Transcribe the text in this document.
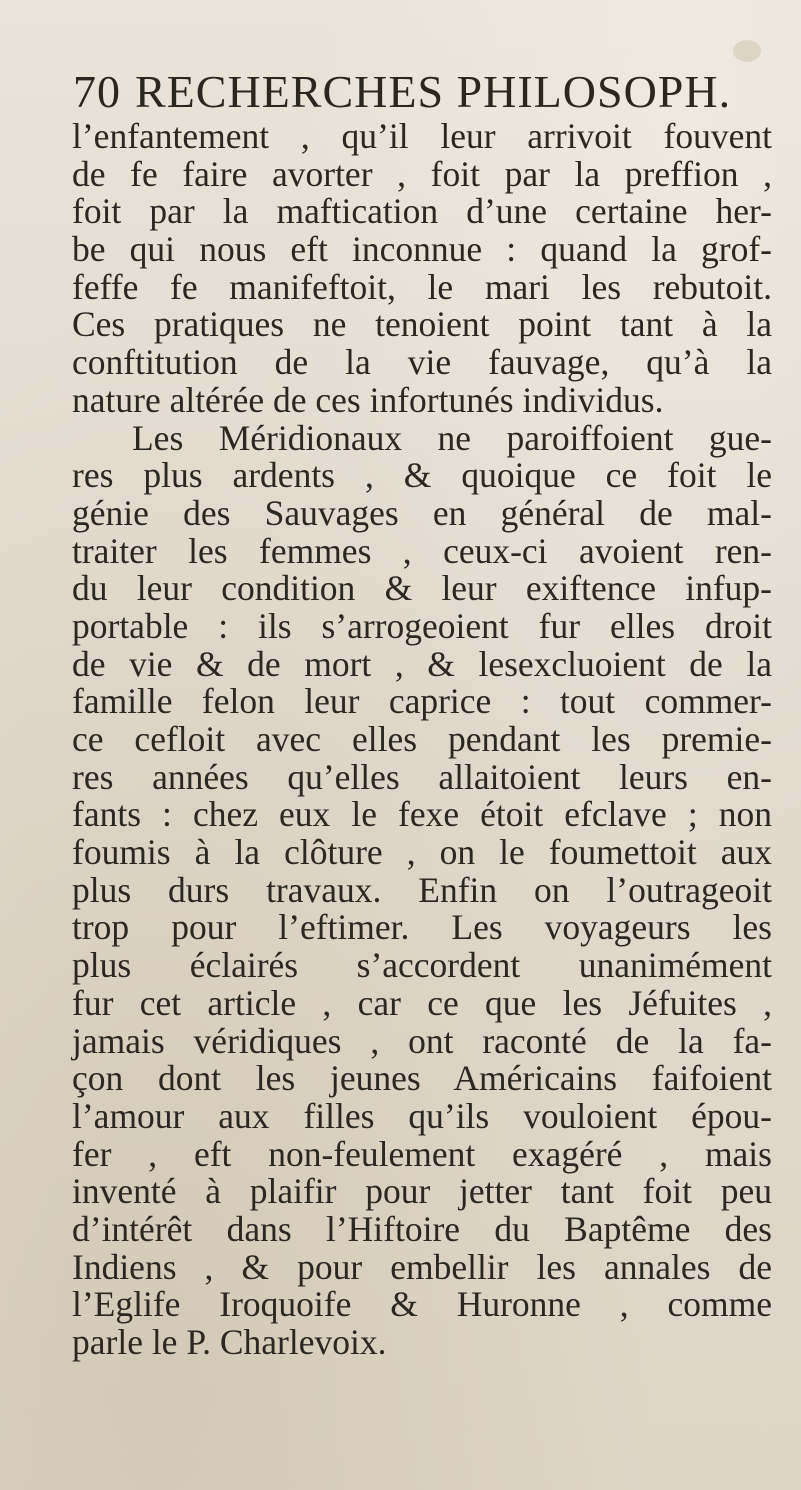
70 RECHERCHES PHILOSOPH.
l’enfantement , qu’il leur arrivoit fouvent
de fe faire avorter , foit par la preffion ,
foit par la maftication d’une certaine her-
be qui nous eft inconnue : quand la grof-
feffe fe manifeftoit, le mari les rebutoit.
Ces pratiques ne tenoient point tant à la
conftitution de la vie fauvage, qu’à la
nature altérée de ces infortunés individus.
Les Méridionaux ne paroiffoient gue-
res plus ardents , & quoique ce foit le
génie des Sauvages en général de mal-
traiter les femmes , ceux-ci avoient ren-
du leur condition & leur exiftence infup-
portable : ils s’arrogeoient fur elles droit
de vie & de mort , & lesexcluoient de la
famille felon leur caprice : tout commer-
ce cefloit avec elles pendant les premie-
res années qu’elles allaitoient leurs en-
fants : chez eux le fexe étoit efclave ; non
foumis à la clôture , on le foumettoit aux
plus durs travaux. Enfin on l’outrageoit
trop pour l’eftimer. Les voyageurs les
plus éclairés s’accordent unanimément
fur cet article , car ce que les Jéfuites ,
jamais véridiques , ont raconté de la fa-
çon dont les jeunes Américains faifoient
l’amour aux filles qu’ils vouloient épou-
fer , eft non-feulement exagéré , mais
inventé à plaifir pour jetter tant foit peu
d’intérêt dans l’Hiftoire du Baptême des
Indiens , & pour embellir les annales de
l’Eglife Iroquoife & Huronne , comme
parle le P. Charlevoix.
